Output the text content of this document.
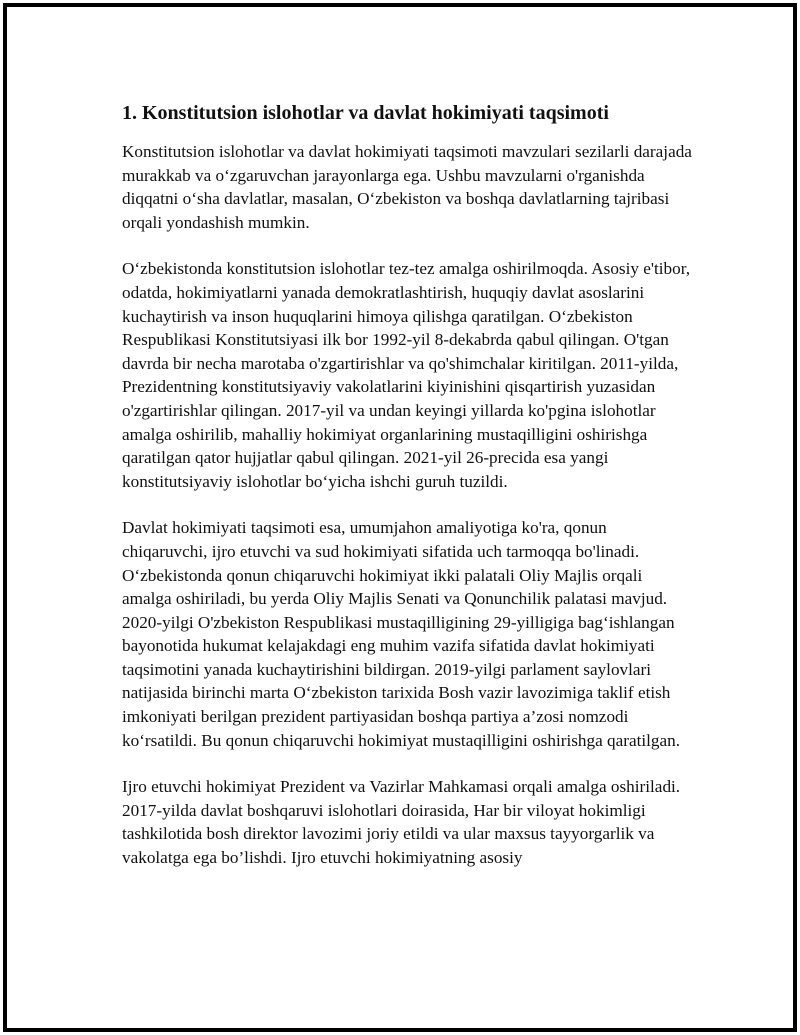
1. Konstitutsion islohotlar va davlat hokimiyati taqsimoti

Konstitutsion islohotlar va davlat hokimiyati taqsimoti mavzulari sezilarli darajada murakkab va o‘zgaruvchan jarayonlarga ega. Ushbu mavzularni o'rganishda diqqatni o‘sha davlatlar, masalan, O‘zbekiston va boshqa davlatlarning tajribasi orqali yondashish mumkin.

O‘zbekistonda konstitutsion islohotlar tez-tez amalga oshirilmoqda. Asosiy e'tibor, odatda, hokimiyatlarni yanada demokratlashtirish, huquqiy davlat asoslarini kuchaytirish va inson huquqlarini himoya qilishga qaratilgan. O‘zbekiston Respublikasi Konstitutsiyasi ilk bor 1992-yil 8-dekabrda qabul qilingan. O'tgan davrda bir necha marotaba o'zgartirishlar va qo'shimchalar kiritilgan. 2011-yilda, Prezidentning konstitutsiyaviy vakolatlarini kiyinishini qisqartirish yuzasidan o'zgartirishlar qilingan. 2017-yil va undan keyingi yillarda ko'pgina islohotlar amalga oshirilib, mahalliy hokimiyat organlarining mustaqilligini oshirishga qaratilgan qator hujjatlar qabul qilingan. 2021-yil 26-precida esa yangi konstitutsiyaviy islohotlar bo‘yicha ishchi guruh tuzildi.

Davlat hokimiyati taqsimoti esa, umumjahon amaliyotiga ko'ra, qonun chiqaruvchi, ijro etuvchi va sud hokimiyati sifatida uch tarmoqqa bo'linadi. O‘zbekistonda qonun chiqaruvchi hokimiyat ikki palatali Oliy Majlis orqali amalga oshiriladi, bu yerda Oliy Majlis Senati va Qonunchilik palatasi mavjud. 2020-yilgi O'zbekiston Respublikasi mustaqilligining 29-yilligiga bag‘ishlangan bayonotida hukumat kelajakdagi eng muhim vazifa sifatida davlat hokimiyati taqsimotini yanada kuchaytirishini bildirgan. 2019-yilgi parlament saylovlari natijasida birinchi marta O‘zbekiston tarixida Bosh vazir lavozimiga taklif etish imkoniyati berilgan prezident partiyasidan boshqa partiya a’zosi nomzodi ko‘rsatildi. Bu qonun chiqaruvchi hokimiyat mustaqilligini oshirishga qaratilgan.

Ijro etuvchi hokimiyat Prezident va Vazirlar Mahkamasi orqali amalga oshiriladi. 2017-yilda davlat boshqaruvi islohotlari doirasida, Har bir viloyat hokimligi tashkilotida bosh direktor lavozimi joriy etildi va ular maxsus tayyorgarlik va vakolatga ega bo’lishdi. Ijro etuvchi hokimiyatning asosiy
